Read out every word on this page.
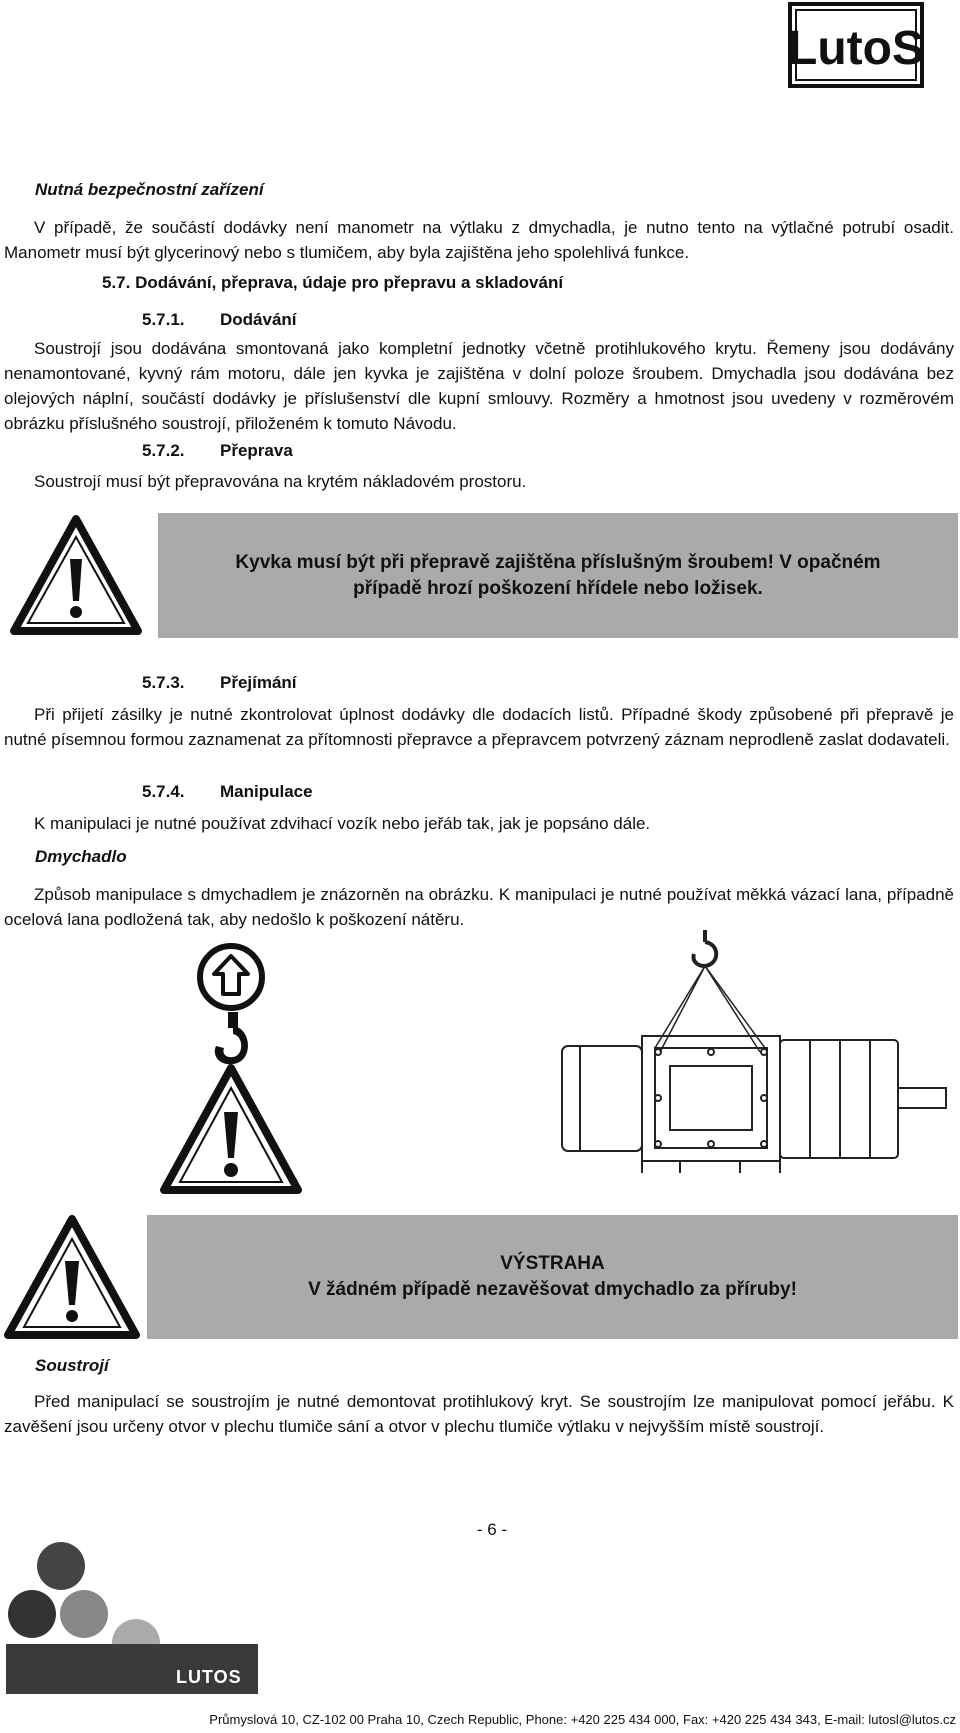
LutoS

Nutná bezpečnostní zařízení

V případě, že součástí dodávky není manometr na výtlaku z dmychadla, je nutno tento na výtlačné potrubí osadit. Manometr musí být glycerinový nebo s tlumičem, aby byla zajištěna jeho spolehlivá funkce.

5.7. Dodávání, přeprava, údaje pro přepravu a skladování

5.7.1. Dodávání

Soustrojí jsou dodávána smontovaná jako kompletní jednotky včetně protihlukového krytu. Řemeny jsou dodávány nenamontované, kyvný rám motoru, dále jen kyvka je zajištěna v dolní poloze šroubem. Dmychadla jsou dodávána bez olejových náplní, součástí dodávky je příslušenství dle kupní smlouvy. Rozměry a hmotnost jsou uvedeny v rozměrovém obrázku příslušného soustrojí, přiloženém k tomuto Návodu.

5.7.2. Přeprava

Soustrojí musí být přepravována na krytém nákladovém prostoru.

Kyvka musí být při přepravě zajištěna příslušným šroubem! V opačném
případě hrozí poškození hřídele nebo ložisek.

5.7.3. Přejímání

Při přijetí zásilky je nutné zkontrolovat úplnost dodávky dle dodacích listů. Případné škody způsobené při přepravě je nutné písemnou formou zaznamenat za přítomnosti přepravce a přepravcem potvrzený záznam neprodleně zaslat dodavateli.

5.7.4. Manipulace

K manipulaci je nutné používat zdvihací vozík nebo jeřáb tak, jak je popsáno dále.

Dmychadlo

Způsob manipulace s dmychadlem je znázorněn na obrázku. K manipulaci je nutné používat měkká vázací lana, případně ocelová lana podložená tak, aby nedošlo k poškození nátěru.

VÝSTRAHA
V žádném případě nezavěšovat dmychadlo za příruby!

Soustrojí

Před manipulací se soustrojím je nutné demontovat protihlukový kryt. Se soustrojím lze manipulovat pomocí jeřábu. K zavěšení jsou určeny otvor v plechu tlumiče sání a otvor v plechu tlumiče výtlaku v nejvyšším místě soustrojí.

- 6 -
LUTOS
Průmyslová 10, CZ-102 00 Praha 10, Czech Republic, Phone: +420 225 434 000, Fax: +420 225 434 343, E-mail: lutosl@lutos.cz
